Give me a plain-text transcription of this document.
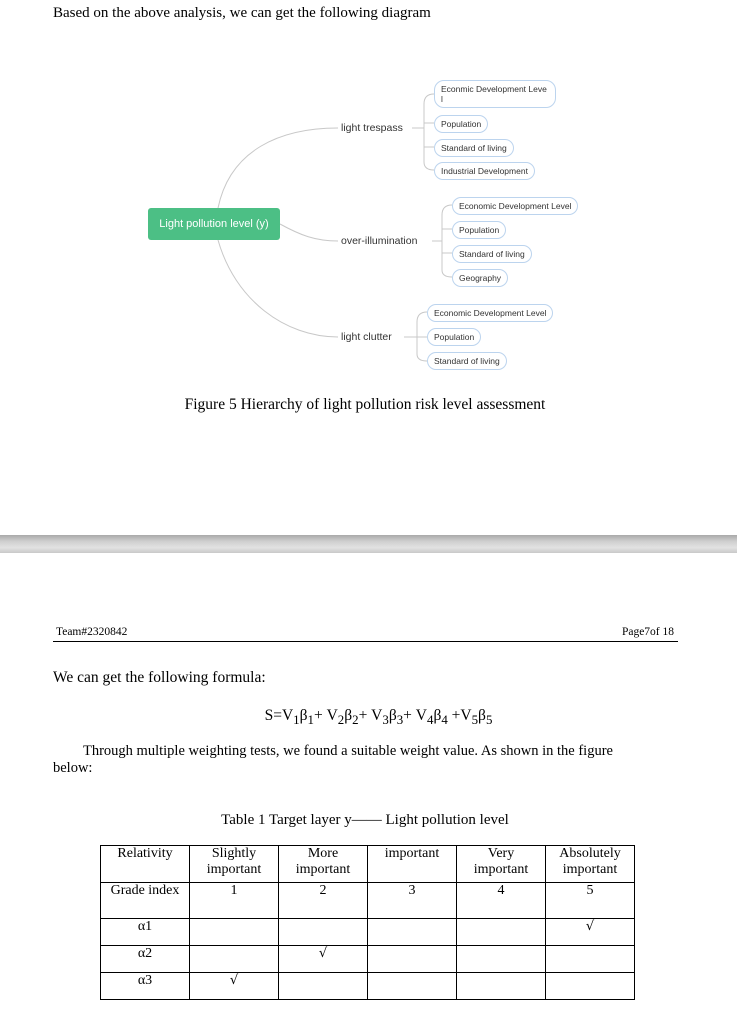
Based on the above analysis, we can get the following diagram
Light pollution level (y)
light trespass
over-illumination
light clutter
Econmic Development Leve l
Population
Standard of living
Industrial Development
Economic Development Level
Population
Standard of living
Geography
Economic Development Level
Population
Standard of living
Figure 5 Hierarchy of light pollution risk level assessment
Team#2320842	Page7of 18
We can get the following formula:
$S=V_1\beta_1+ V_2\beta_2+ V_3\beta_3+ V_4\beta_4 +V_5\beta_5$
Through multiple weighting tests, we found a suitable weight value. As shown in the figure below:
Table 1 Target layer y—— Light pollution level
Relativity	Slightly important	More important	important	Very important	Absolutely important
Grade index	1	2	3	4	5
α1					√
α2		√			
α3	√				
